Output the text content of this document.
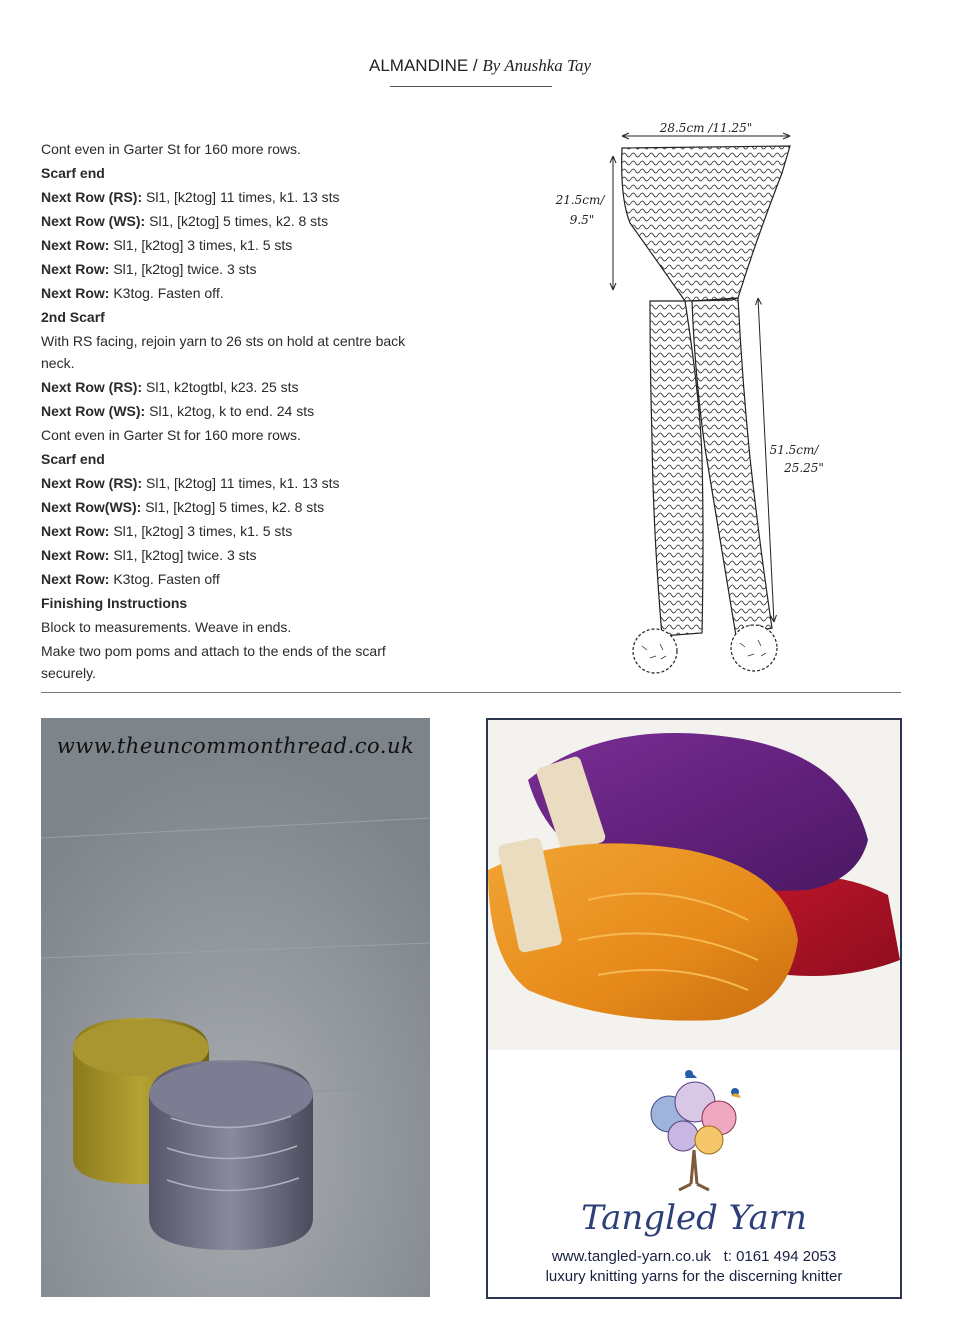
ALMANDINE / By Anushka Tay

Cont even in Garter St for 160 more rows.

Scarf end

Next Row (RS): Sl1, [k2tog] 11 times, k1. 13 sts

Next Row (WS): Sl1, [k2tog] 5 times, k2. 8 sts

Next Row: Sl1, [k2tog] 3 times, k1. 5 sts

Next Row: Sl1, [k2tog] twice. 3 sts

Next Row: K3tog. Fasten off.

2nd Scarf

With RS facing, rejoin yarn to 26 sts on hold at centre back neck.

Next Row (RS): Sl1, k2togtbl, k23. 25 sts

Next Row (WS): Sl1, k2tog, k to end. 24 sts

Cont even in Garter St for 160 more rows.

Scarf end

Next Row (RS): Sl1, [k2tog] 11 times, k1. 13 sts

Next Row(WS): Sl1, [k2tog] 5 times, k2. 8 sts

Next Row: Sl1, [k2tog] 3 times, k1. 5 sts

Next Row: Sl1, [k2tog] twice. 3 sts

Next Row: K3tog. Fasten off

Finishing Instructions

Block to measurements. Weave in ends.

Make two pom poms and attach to the ends of the scarf securely.

28.5cm /11.25"
21.5cm/
9.5"
51.5cm/
25.25"
www.theuncommonthread.co.uk
Tangled Yarn
www.tangled-yarn.co.uk t: 0161 494 2053
luxury knitting yarns for the discerning knitter
